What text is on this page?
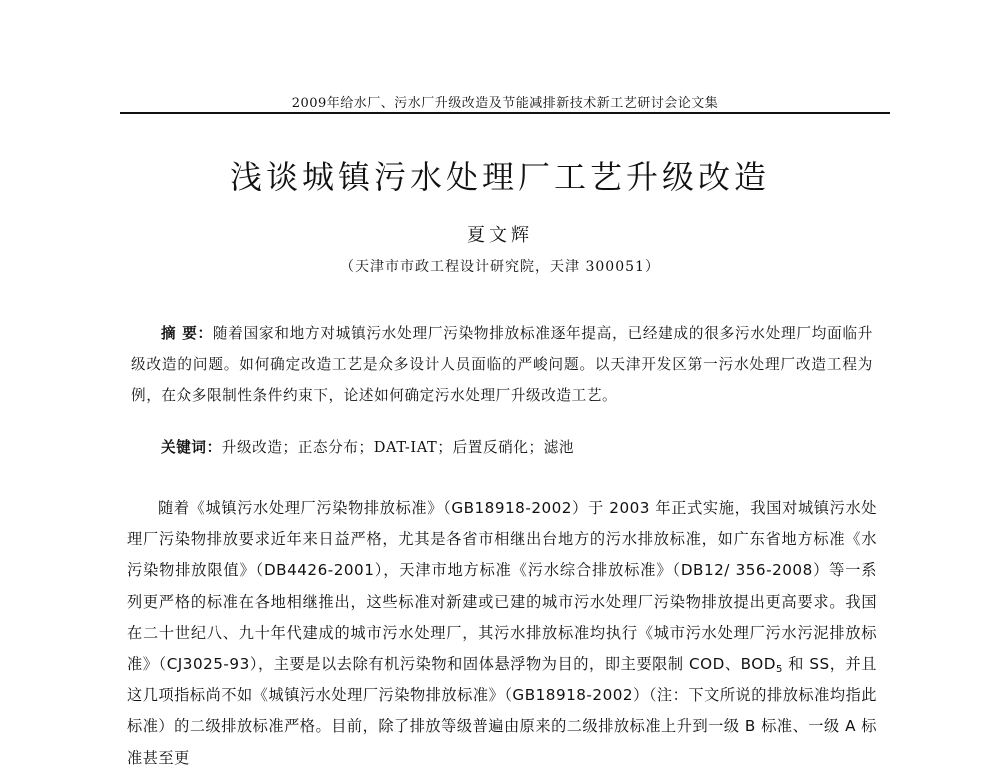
2009年给水厂、污水厂升级改造及节能减排新技术新工艺研讨会论文集
浅谈城镇污水处理厂工艺升级改造
夏文辉
（天津市市政工程设计研究院，天津 300051）

摘 要：随着国家和地方对城镇污水处理厂污染物排放标准逐年提高，已经建成的很多污水处理厂均面临升级改造的问题。如何确定改造工艺是众多设计人员面临的严峻问题。以天津开发区第一污水处理厂改造工程为例，在众多限制性条件约束下，论述如何确定污水处理厂升级改造工艺。

关键词：升级改造；正态分布；DAT-IAT；后置反硝化；滤池

随着《城镇污水处理厂污染物排放标准》（GB18918-2002）于 2003 年正式实施，我国对城镇污水处理厂污染物排放要求近年来日益严格，尤其是各省市相继出台地方的污水排放标准，如广东省地方标准《水污染物排放限值》（DB4426-2001），天津市地方标准《污水综合排放标准》（DB12/ 356-2008）等一系列更严格的标准在各地相继推出，这些标准对新建或已建的城市污水处理厂污染物排放提出更高要求。我国在二十世纪八、九十年代建成的城市污水处理厂，其污水排放标准均执行《城市污水处理厂污水污泥排放标准》（CJ3025-93），主要是以去除有机污染物和固体悬浮物为目的，即主要限制 COD、$BOD_5$ 和 SS，并且这几项指标尚不如《城镇污水处理厂污染物排放标准》（GB18918-2002）（注：下文所说的排放标准均指此标准）的二级排放标准严格。目前，除了排放等级普遍由原来的二级排放标准上升到一级 B 标准、一级 A 标准甚至更
